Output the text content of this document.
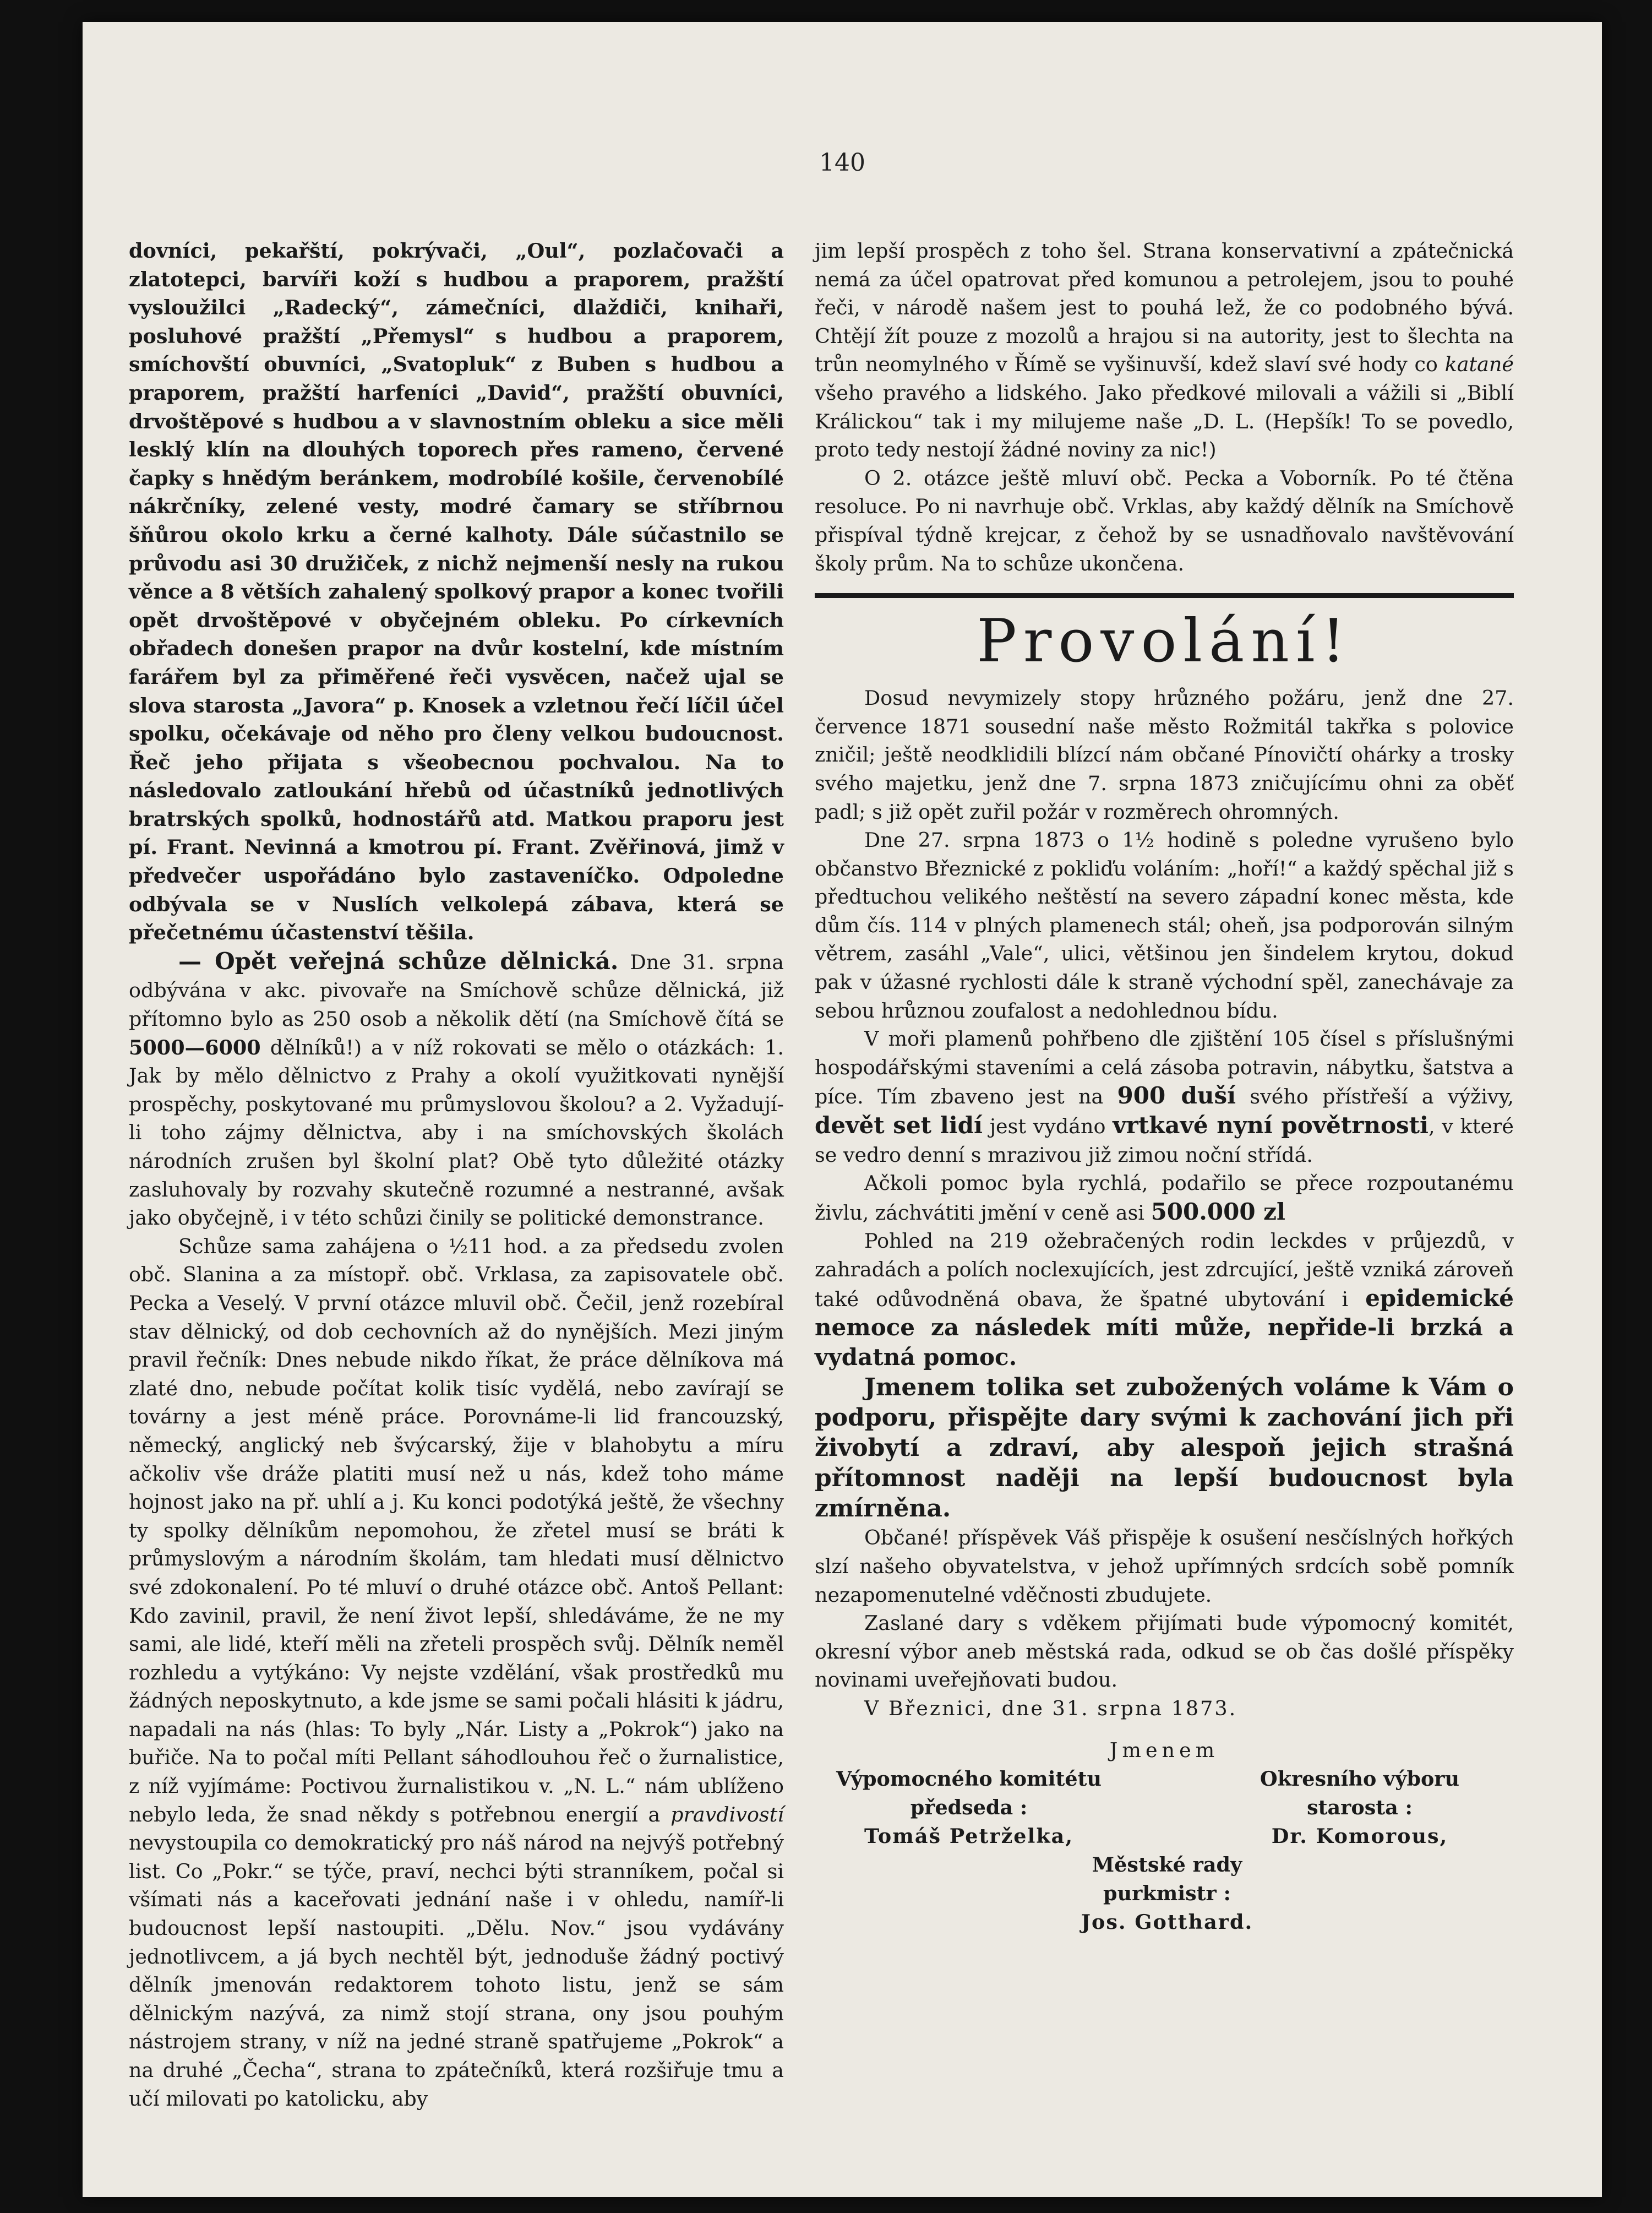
140

dovníci, pekařští, pokrývači, „Oul“, pozlačovači a zlatotepci, barvíři koží s hudbou a praporem, pražští vysloužilci „Radecký“, zámečníci, dlaždiči, knihaři, posluhové pražští „Přemysl“ s hudbou a praporem, smíchovští obuvníci, „Svatopluk“ z Buben s hudbou a praporem, pražští harfeníci „David“, pražští obuvníci, drvoštěpové s hudbou a v slavnostním obleku a sice měli lesklý klín na dlouhých toporech přes rameno, červené čapky s hnědým beránkem, modrobílé košile, červenobílé nákrčníky, zelené vesty, modré čamary se stříbrnou šňůrou okolo krku a černé kalhoty. Dále súčastnilo se průvodu asi 30 družiček, z nichž nejmenší nesly na rukou věnce a 8 větších zahalený spolkový prapor a konec tvořili opět drvoštěpové v obyčejném obleku. Po církevních obřadech donešen prapor na dvůr kostelní, kde místním farářem byl za přiměřené řeči vysvěcen, načež ujal se slova starosta „Javora“ p. Knosek a vzletnou řečí líčil účel spolku, očekávaje od něho pro členy velkou budoucnost. Řeč jeho přijata s všeobecnou pochvalou. Na to následovalo zatloukání hřebů od účastníků jednotlivých bratrských spolků, hodnostářů atd. Matkou praporu jest pí. Frant. Nevinná a kmotrou pí. Frant. Zvěřinová, jimž v předvečer uspořádáno bylo zastaveníčko. Odpoledne odbývala se v Nuslích velkolepá zábava, která se přečetnému účastenství těšila.

— Opět veřejná schůze dělnická. Dne 31. srpna odbývána v akc. pivovaře na Smíchově schůze dělnická, již přítomno bylo as 250 osob a několik dětí (na Smíchově čítá se 5000—6000 dělníků!) a v níž rokovati se mělo o otázkách: 1. Jak by mělo dělnictvo z Prahy a okolí využitkovati nynější prospěchy, poskytované mu průmyslovou školou? a 2. Vyžadují-li toho zájmy dělnictva, aby i na smíchovských školách národních zrušen byl školní plat? Obě tyto důležité otázky zasluhovaly by rozvahy skutečně rozumné a nestranné, avšak jako obyčejně, i v této schůzi činily se politické demonstrance.

Schůze sama zahájena o ½11 hod. a za předsedu zvolen obč. Slanina a za místopř. obč. Vrklasa, za zapisovatele obč. Pecka a Veselý. V první otázce mluvil obč. Čečil, jenž rozebíral stav dělnický, od dob cechovních až do nynějších. Mezi jiným pravil řečník: Dnes nebude nikdo říkat, že práce dělníkova má zlaté dno, nebude počítat kolik tisíc vydělá, nebo zavírají se továrny a jest méně práce. Porovnáme-li lid francouzský, německý, anglický neb švýcarský, žije v blahobytu a míru ačkoliv vše dráže platiti musí než u nás, kdež toho máme hojnost jako na př. uhlí a j. Ku konci podotýká ještě, že všechny ty spolky dělníkům nepomohou, že zřetel musí se bráti k průmyslovým a národním školám, tam hledati musí dělnictvo své zdokonalení. Po té mluví o druhé otázce obč. Antoš Pellant: Kdo zavinil, pravil, že není život lepší, shledáváme, že ne my sami, ale lidé, kteří měli na zřeteli prospěch svůj. Dělník neměl rozhledu a vytýkáno: Vy nejste vzdělání, však prostředků mu žádných neposkytnuto, a kde jsme se sami počali hlásiti k jádru, napadali na nás (hlas: To byly „Nár. Listy a „Pokrok“) jako na buřiče. Na to počal míti Pellant sáhodlouhou řeč o žurnalistice, z níž vyjímáme: Poctivou žurnalistikou v. „N. L.“ nám ublíženo nebylo leda, že snad někdy s potřebnou energií a pravdivostí nevystoupila co demokratický pro náš národ na nejvýš potřebný list. Co „Pokr.“ se týče, praví, nechci býti stranníkem, počal si všímati nás a kaceřovati jednání naše i v ohledu, namíř-li budoucnost lepší nastoupiti. „Dělu. Nov.“ jsou vydávány jednotlivcem, a já bych nechtěl být, jednoduše žádný poctivý dělník jmenován redaktorem tohoto listu, jenž se sám dělnickým nazývá, za nimž stojí strana, ony jsou pouhým nástrojem strany, v níž na jedné straně spatřujeme „Pokrok“ a na druhé „Čecha“, strana to zpátečníků, která rozšiřuje tmu a učí milovati po katolicku, aby

jim lepší prospěch z toho šel. Strana konservativní a zpátečnická nemá za účel opatrovat před komunou a petrolejem, jsou to pouhé řeči, v národě našem jest to pouhá lež, že co podobného bývá. Chtějí žít pouze z mozolů a hrajou si na autority, jest to šlechta na trůn neomylného v Římě se vyšinuvší, kdež slaví své hody co katané všeho pravého a lidského. Jako předkové milovali a vážili si „Biblí Králickou“ tak i my milujeme naše „D. L. (Hepšík! To se povedlo, proto tedy nestojí žádné noviny za nic!)

O 2. otázce ještě mluví obč. Pecka a Voborník. Po té čtěna resoluce. Po ni navrhuje obč. Vrklas, aby každý dělník na Smíchově přispíval týdně krejcar, z čehož by se usnadňovalo navštěvování školy prům. Na to schůze ukončena.

Provolání!

Dosud nevymizely stopy hrůzného požáru, jenž dne 27. července 1871 sousední naše město Rožmitál takřka s polovice zničil; ještě neodklidili blízcí nám občané Pínovičtí ohárky a trosky svého majetku, jenž dne 7. srpna 1873 zničujícímu ohni za oběť padl; s již opět zuřil požár v rozměrech ohromných.

Dne 27. srpna 1873 o 1½ hodině s poledne vyrušeno bylo občanstvo Březnické z pokliďu voláním: „hoří!“ a každý spěchal již s předtuchou velikého neštěstí na severo západní konec města, kde dům čís. 114 v plných plamenech stál; oheň, jsa podporován silným větrem, zasáhl „Vale“, ulici, většinou jen šindelem krytou, dokud pak v úžasné rychlosti dále k straně východní spěl, zanechávaje za sebou hrůznou zoufalost a nedohlednou bídu.

V moři plamenů pohřbeno dle zjištění 105 čísel s příslušnými hospodářskými staveními a celá zásoba potravin, nábytku, šatstva a píce. Tím zbaveno jest na 900 duší svého přístřeší a výživy, devět set lidí jest vydáno vrtkavé nyní povětrnosti, v které se vedro denní s mrazivou již zimou noční střídá.

Ačkoli pomoc byla rychlá, podařilo se přece rozpoutanému živlu, záchvátiti jmění v ceně asi 500.000 zl

Pohled na 219 ožebračených rodin leckdes v průjezdů, v zahradách a polích nocleхujících, jest zdrcující, ještě vzniká zároveň také odůvodněná obava, že špatné ubytování i epidemické nemoce za následek míti může, nepřide-li brzká a vydatná pomoc.

Jmenem tolika set zubožených voláme k Vám o podporu, přispějte dary svými k zachování jich při živobytí a zdraví, aby alespoň jejich strašná přítomnost naději na lepší budoucnost byla zmírněna.

Občané! příspěvek Váš přispěje k osušení nesčíslných hořkých slzí našeho obyvatelstva, v jehož upřímných srdcích sobě pomník nezapomenutelné vděčnosti zbudujete.

Zaslané dary s vděkem přijímati bude výpomocný komitét, okresní výbor aneb městská rada, odkud se ob čas došlé příspěky novinami uveřejňovati budou.

V Březnici, dne 31. srpna 1873.

Jmenem
Výpomocného komitétu
předseda :
Tomáš Petrželka,
Okresního výboru
starosta :
Dr. Komorous,
Městské rady
purkmistr :
Jos. Gotthard.
